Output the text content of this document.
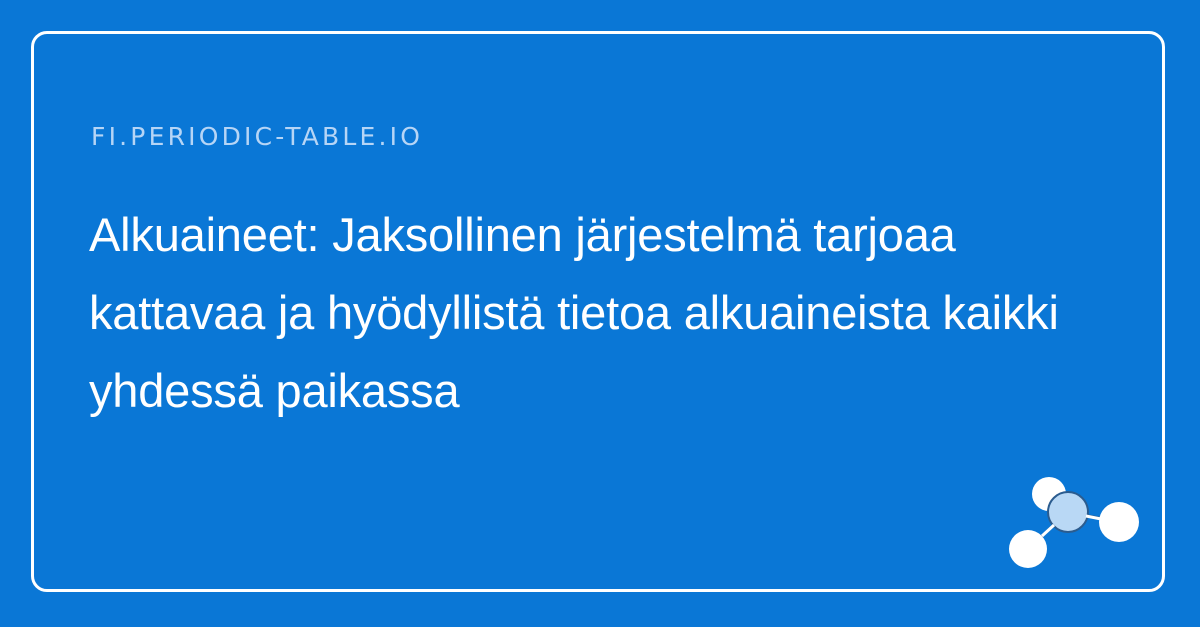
FI.PERIODIC-TABLE.IO
Alkuaineet: Jaksollinen järjestelmä tarjoaa kattavaa ja hyödyllistä tietoa alkuaineista kaikki yhdessä paikassa
